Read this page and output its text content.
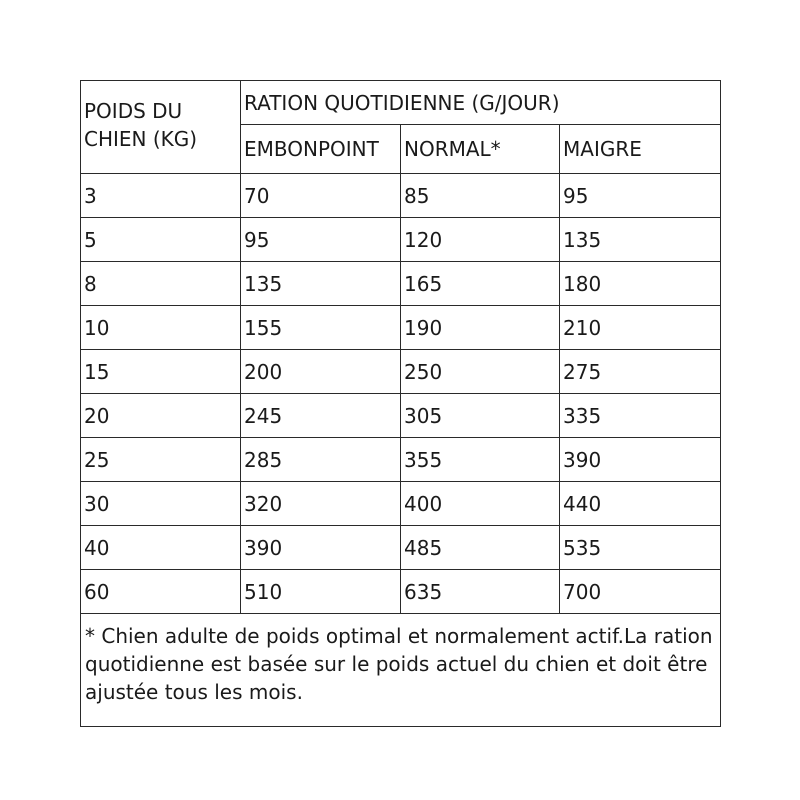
POIDS DU CHIEN (KG)	RATION QUOTIDIENNE (G/JOUR)		
	EMBONPOINT	NORMAL*	MAIGRE
3	70	85	95
5	95	120	135
8	135	165	180
10	155	190	210
15	200	250	275
20	245	305	335
25	285	355	390
30	320	400	440
40	390	485	535
60	510	635	700
* Chien adulte de poids optimal et normalement actif.La ration quotidienne est basée sur le poids actuel du chien et doit être ajustée tous les mois.			
